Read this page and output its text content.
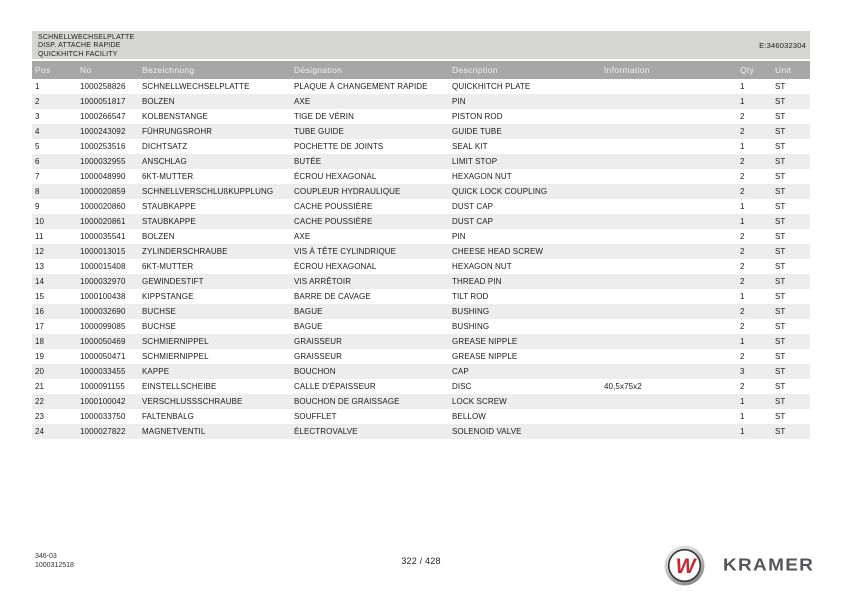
SCHNELLWECHSELPLATTE
DISP. ATTACHE RAPIDE
QUICKHITCH FACILITY
E:346032304
Pos	No	Bezeichnung	Désignation	Description	Information	Qty	Unit
1	1000258826	SCHNELLWECHSELPLATTE	PLAQUE À CHANGEMENT RAPIDE	QUICKHITCH PLATE		1	ST
2	1000051817	BOLZEN	AXE	PIN		1	ST
3	1000266547	KOLBENSTANGE	TIGE DE VÉRIN	PISTON ROD		2	ST
4	1000243092	FÜHRUNGSROHR	TUBE GUIDE	GUIDE TUBE		2	ST
5	1000253516	DICHTSATZ	POCHETTE DE JOINTS	SEAL KIT		1	ST
6	1000032955	ANSCHLAG	BUTÉE	LIMIT STOP		2	ST
7	1000048990	6KT-MUTTER	ÉCROU HEXAGONAL	HEXAGON NUT		2	ST
8	1000020859	SCHNELLVERSCHLUßKUPPLUNG	COUPLEUR HYDRAULIQUE	QUICK LOCK COUPLING		2	ST
9	1000020860	STAUBKAPPE	CACHE POUSSIÈRE	DUST CAP		1	ST
10	1000020861	STAUBKAPPE	CACHE POUSSIÈRE	DUST CAP		1	ST
11	1000035541	BOLZEN	AXE	PIN		2	ST
12	1000013015	ZYLINDERSCHRAUBE	VIS À TÊTE CYLINDRIQUE	CHEESE HEAD SCREW		2	ST
13	1000015408	6KT-MUTTER	ÉCROU HEXAGONAL	HEXAGON NUT		2	ST
14	1000032970	GEWINDESTIFT	VIS ARRÊTOIR	THREAD PIN		2	ST
15	1000100438	KIPPSTANGE	BARRE DE CAVAGE	TILT ROD		1	ST
16	1000032690	BUCHSE	BAGUE	BUSHING		2	ST
17	1000099085	BUCHSE	BAGUE	BUSHING		2	ST
18	1000050469	SCHMIERNIPPEL	GRAISSEUR	GREASE NIPPLE		1	ST
19	1000050471	SCHMIERNIPPEL	GRAISSEUR	GREASE NIPPLE		2	ST
20	1000033455	KAPPE	BOUCHON	CAP		3	ST
21	1000091155	EINSTELLSCHEIBE	CALLE D'ÉPAISSEUR	DISC	40,5x75x2	2	ST
22	1000100042	VERSCHLUSSSCHRAUBE	BOUCHON DE GRAISSAGE	LOCK SCREW		1	ST
23	1000033750	FALTENBALG	SOUFFLET	BELLOW		1	ST
24	1000027822	MAGNETVENTIL	ÉLECTROVALVE	SOLENOID VALVE		1	ST
346-03
1000312518	322 / 428	W KRAMER
